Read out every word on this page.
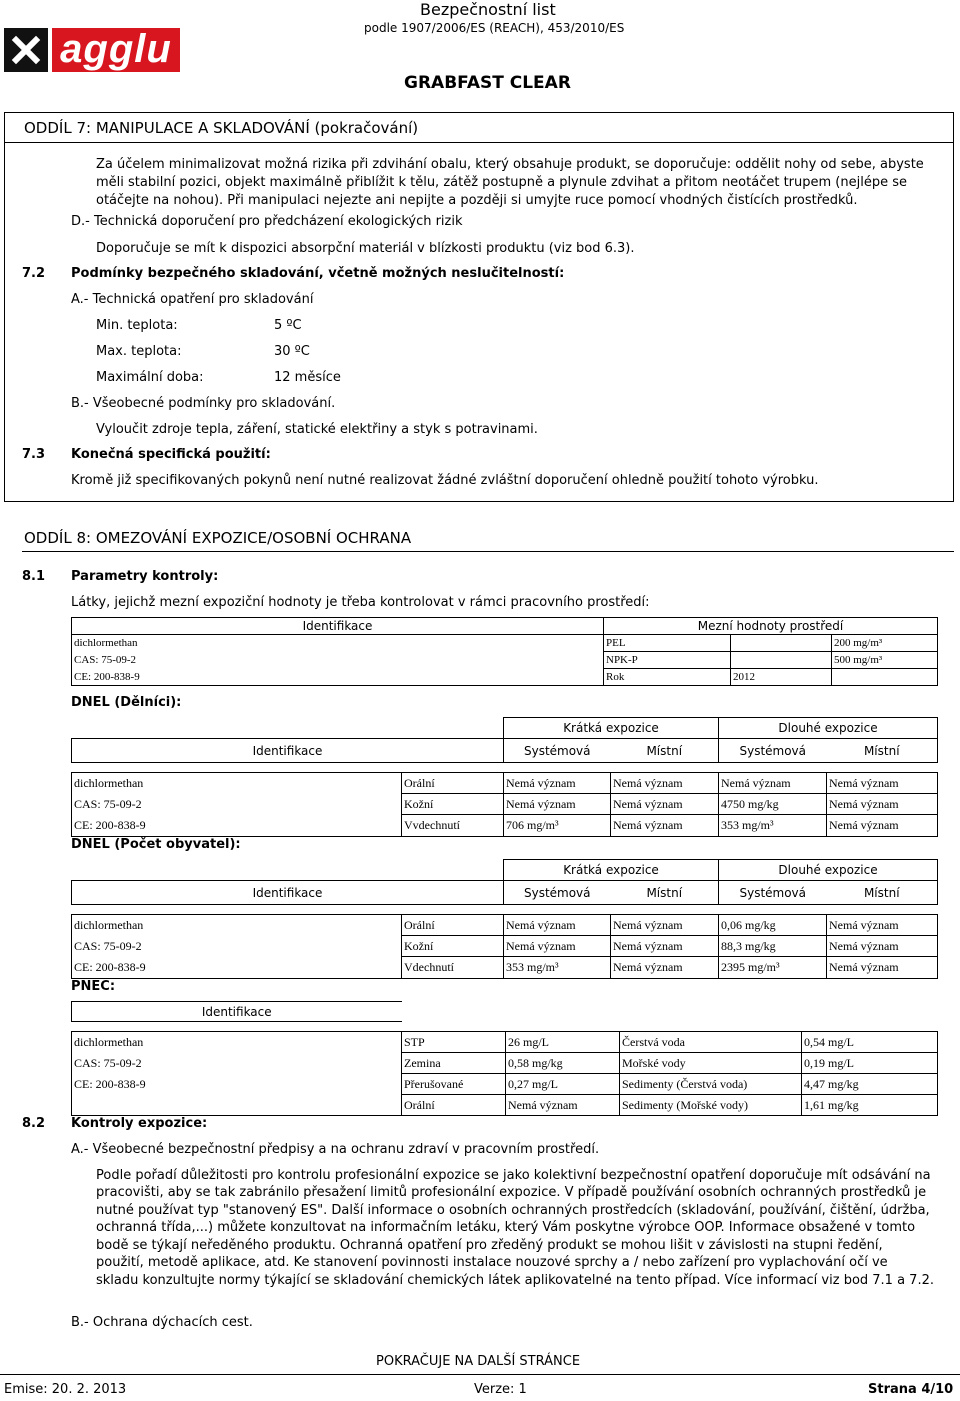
agglu
Bezpečnostní list
podle 1907/2006/ES (REACH), 453/2010/ES
GRABFAST CLEAR
ODDÍL 7: MANIPULACE A SKLADOVÁNÍ (pokračování)
Za účelem minimalizovat možná rizika při zdvihání obalu, který obsahuje produkt, se doporučuje: oddělit nohy od sebe, abyste
měli stabilní pozici, objekt maximálně přiblížit k tělu, zátěž postupně a plynule zdvihat a přitom neotáčet trupem (nejlépe se
otáčejte na nohou). Při manipulaci nejezte ani nepijte a později si umyjte ruce pomocí vhodných čistících prostředků.
D.- Technická doporučení pro předcházení ekologických rizik
Doporučuje se mít k dispozici absorpční materiál v blízkosti produktu (viz bod 6.3).
7.2 Podmínky bezpečného skladování, včetně možných neslučitelností:
A.- Technická opatření pro skladování
Min. teplota:	5 ºC
Max. teplota:	30 ºC
Maximální doba:	12 měsíce
B.- Všeobecné podmínky pro skladování.
Vyloučit zdroje tepla, záření, statické elektřiny a styk s potravinami.
7.3 Konečná specifická použití:
Kromě již specifikovaných pokynů není nutné realizovat žádné zvláštní doporučení ohledně použití tohoto výrobku.
ODDÍL 8: OMEZOVÁNÍ EXPOZICE/OSOBNÍ OCHRANA
8.1 Parametry kontroly:
Látky, jejichž mezní expoziční hodnoty je třeba kontrolovat v rámci pracovního prostředí:
Identifikace	Mezní hodnoty prostředí		
dichlormethan	PEL		200 mg/m³
CAS: 75-09-2	NPK-P		500 mg/m³
CE: 200-838-9	Rok	2012	
DNEL (Dělníci):
		Krátká expozice		Dlouhé expozice	
Identifikace		Systémová	Místní	Systémová	Místní

dichlormethan	Orální	Nemá význam	Nemá význam	Nemá význam	Nemá význam
CAS: 75-09-2	Kožní	Nemá význam	Nemá význam	4750 mg/kg	Nemá význam
CE: 200-838-9	Vvdechnutí	706 mg/m³	Nemá význam	353 mg/m³	Nemá význam
DNEL (Počet obyvatel):
		Krátká expozice		Dlouhé expozice	
Identifikace		Systémová	Místní	Systémová	Místní

dichlormethan	Orální	Nemá význam	Nemá význam	0,06 mg/kg	Nemá význam
CAS: 75-09-2	Kožní	Nemá význam	Nemá význam	88,3 mg/kg	Nemá význam
CE: 200-838-9	Vdechnutí	353 mg/m³	Nemá význam	2395 mg/m³	Nemá význam
PNEC:
Identifikace				

dichlormethan	STP	26 mg/L	Čerstvá voda	0,54 mg/L
CAS: 75-09-2	Zemina	0,58 mg/kg	Mořské vody	0,19 mg/L
CE: 200-838-9	Přerušované	0,27 mg/L	Sedimenty (Čerstvá voda)	4,47 mg/kg
	Orální	Nemá význam	Sedimenty (Mořské vody)	1,61 mg/kg
8.2 Kontroly expozice:
A.- Všeobecné bezpečnostní předpisy a na ochranu zdraví v pracovním prostředí.
Podle pořadí důležitosti pro kontrolu profesionální expozice se jako kolektivní bezpečnostní opatření doporučuje mít odsávání na
pracovišti, aby se tak zabránilo přesažení limitů profesionální expozice. V případě používání osobních ochranných prostředků je
nutné používat typ "stanovený ES". Další informace o osobních ochranných prostředcích (skladování, používání, čištění, údržba,
ochranná třída,...) můžete konzultovat na informačním letáku, který Vám poskytne výrobce OOP. Informace obsažené v tomto
bodě se týkají neředěného produktu. Ochranná opatření pro zředěný produkt se mohou lišit v závislosti na stupni ředění,
použití, metodě aplikace, atd. Ke stanovení povinnosti instalace nouzové sprchy a / nebo zařízení pro vyplachování očí ve
skladu konzultujte normy týkající se skladování chemických látek aplikovatelné na tento případ. Více informací viz bod 7.1 a 7.2.
B.- Ochrana dýchacích cest.
POKRAČUJE NA DALŠÍ STRÁNCE
Emise: 20. 2. 2013	Verze: 1	Strana 4/10
